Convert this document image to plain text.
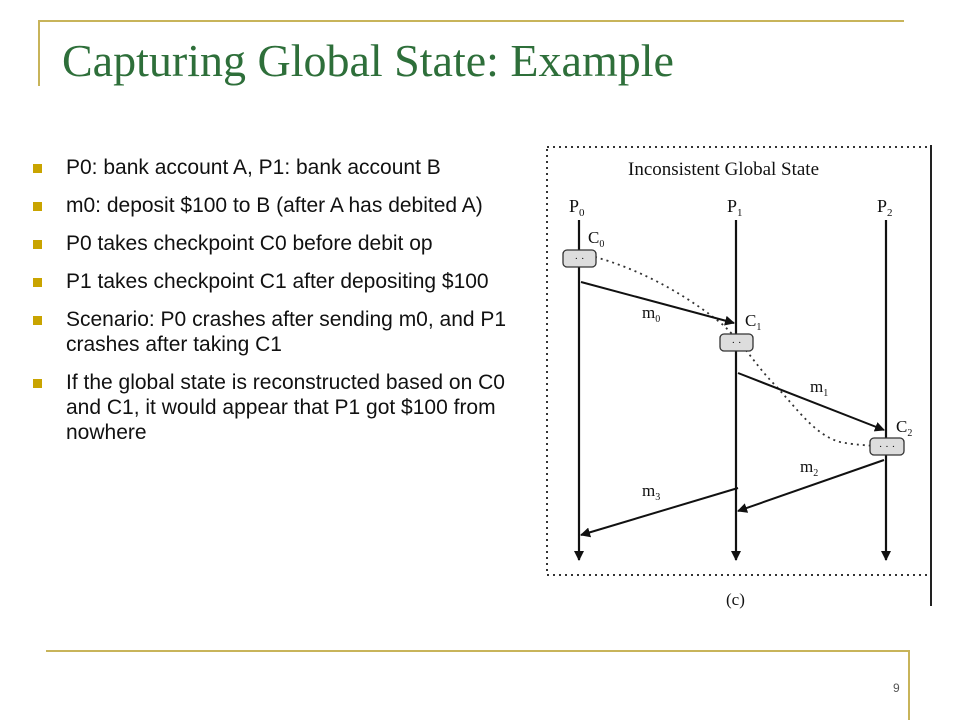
Capturing Global State: Example
P0: bank account A, P1: bank account B
m0: deposit $100 to B (after A has debited A)
P0 takes checkpoint C0 before debit op
P1 takes checkpoint C1 after depositing $100
Scenario: P0 crashes after sending m0, and P1 crashes after taking C1
If the global state is reconstructed based on C0 and C1, it would appear that P1 got $100 from nowhere
Inconsistent Global State
$P_0$	$P_1$	$P_2$
$m_0$
$m_1$
$m_2$
$m_3$
· ·
$C_0$
· ·
$C_1$
· · ·
$C_2$
(c)
9
